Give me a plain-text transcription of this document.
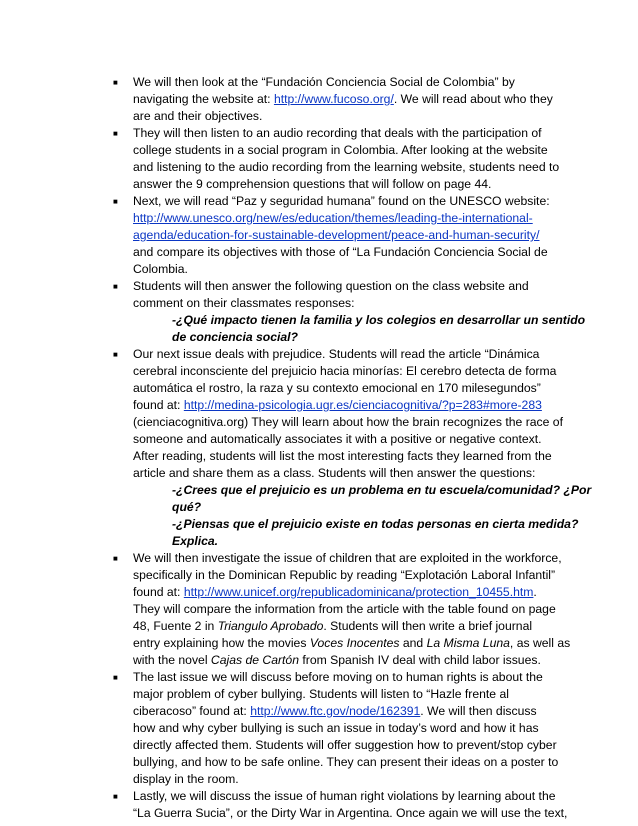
■ We will then look at the “Fundación Conciencia Social de Colombia” by
navigating the website at: http://www.fucoso.org/. We will read about who they
are and their objectives.
■ They will then listen to an audio recording that deals with the participation of
college students in a social program in Colombia. After looking at the website
and listening to the audio recording from the learning website, students need to
answer the 9 comprehension questions that will follow on page 44.
■ Next, we will read “Paz y seguridad humana” found on the UNESCO website:
http://www.unesco.org/new/es/education/themes/leading-the-international-
agenda/education-for-sustainable-development/peace-and-human-security/
and compare its objectives with those of “La Fundación Conciencia Social de
Colombia.
■ Students will then answer the following question on the class website and
comment on their classmates responses:
-¿Qué impacto tienen la familia y los colegios en desarrollar un sentido
de conciencia social?
■ Our next issue deals with prejudice. Students will read the article “Dinámica
cerebral inconsciente del prejuicio hacia minorías: El cerebro detecta de forma
automática el rostro, la raza y su contexto emocional en 170 milesegundos”
found at: http://medina-psicologia.ugr.es/cienciacognitiva/?p=283#more-283
(cienciacognitiva.org) They will learn about how the brain recognizes the race of
someone and automatically associates it with a positive or negative context.
After reading, students will list the most interesting facts they learned from the
article and share them as a class. Students will then answer the questions:
-¿Crees que el prejuicio es un problema en tu escuela/comunidad? ¿Por
qué?
-¿Piensas que el prejuicio existe en todas personas en cierta medida?
Explica.
■ We will then investigate the issue of children that are exploited in the workforce,
specifically in the Dominican Republic by reading “Explotación Laboral Infantil”
found at: http://www.unicef.org/republicadominicana/protection_10455.htm.
They will compare the information from the article with the table found on page
48, Fuente 2 in Triangulo Aprobado. Students will then write a brief journal
entry explaining how the movies Voces Inocentes and La Misma Luna, as well as
with the novel Cajas de Cartón from Spanish IV deal with child labor issues.
■ The last issue we will discuss before moving on to human rights is about the
major problem of cyber bullying. Students will listen to “Hazle frente al
ciberacoso” found at: http://www.ftc.gov/node/162391. We will then discuss
how and why cyber bullying is such an issue in today’s word and how it has
directly affected them. Students will offer suggestion how to prevent/stop cyber
bullying, and how to be safe online. They can present their ideas on a poster to
display in the room.
■ Lastly, we will discuss the issue of human right violations by learning about the
“La Guerra Sucia”, or the Dirty War in Argentina. Once again we will use the text,
